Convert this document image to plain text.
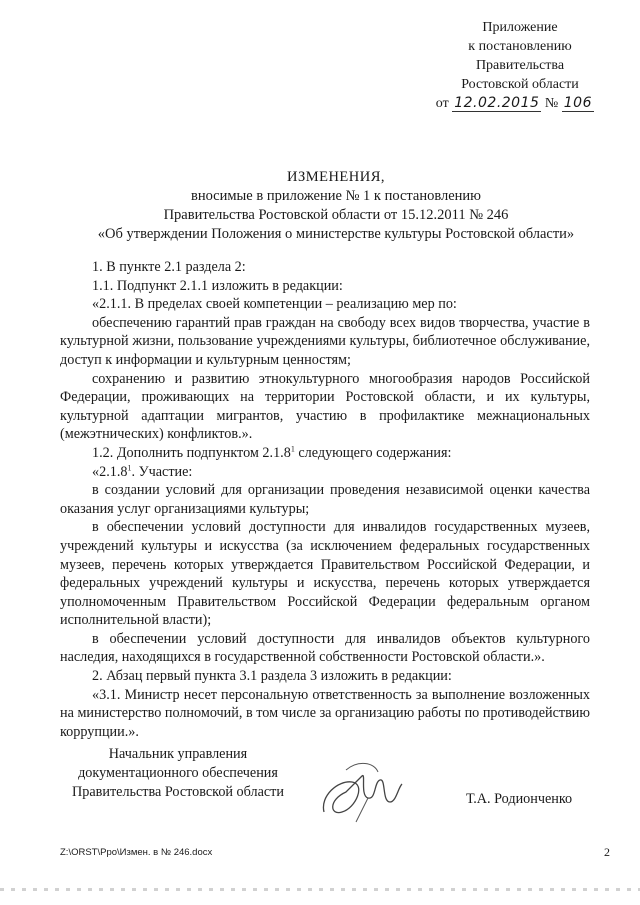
Приложение
к постановлению
Правительства
Ростовской области
от 12.02.2015 № 106
ИЗМЕНЕНИЯ,
вносимые в приложение № 1 к постановлению
Правительства Ростовской области от 15.12.2011 № 246
«Об утверждении Положения о министерстве культуры Ростовской области»

1. В пункте 2.1 раздела 2:

1.1. Подпункт 2.1.1 изложить в редакции:

«2.1.1. В пределах своей компетенции – реализацию мер по:

обеспечению гарантий прав граждан на свободу всех видов творчества, участие в культурной жизни, пользование учреждениями культуры, библиотечное обслуживание, доступ к информации и культурным ценностям;

сохранению и развитию этнокультурного многообразия народов Российской Федерации, проживающих на территории Ростовской области, и их культуры, культурной адаптации мигрантов, участию в профилактике межнациональных (межэтнических) конфликтов.».

1.2. Дополнить подпунктом 2.1.8$^1$ следующего содержания:

«2.1.8$^1$. Участие:

в создании условий для организации проведения независимой оценки качества оказания услуг организациями культуры;

в обеспечении условий доступности для инвалидов государственных музеев, учреждений культуры и искусства (за исключением федеральных государственных музеев, перечень которых утверждается Правительством Российской Федерации, и федеральных учреждений культуры и искусства, перечень которых утверждается уполномоченным Правительством Российской Федерации федеральным органом исполнительной власти);

в обеспечении условий доступности для инвалидов объектов культурного наследия, находящихся в государственной собственности Ростовской области.».

2. Абзац первый пункта 3.1 раздела 3 изложить в редакции:

«3.1. Министр несет персональную ответственность за выполнение возложенных на министерство полномочий, в том числе за организацию работы по противодействию коррупции.».

Начальник управления
документационного обеспечения
Правительства Ростовской области	Т.А. Родионченко
Z:\ORST\Ppo\Измен. в № 246.docx	2
